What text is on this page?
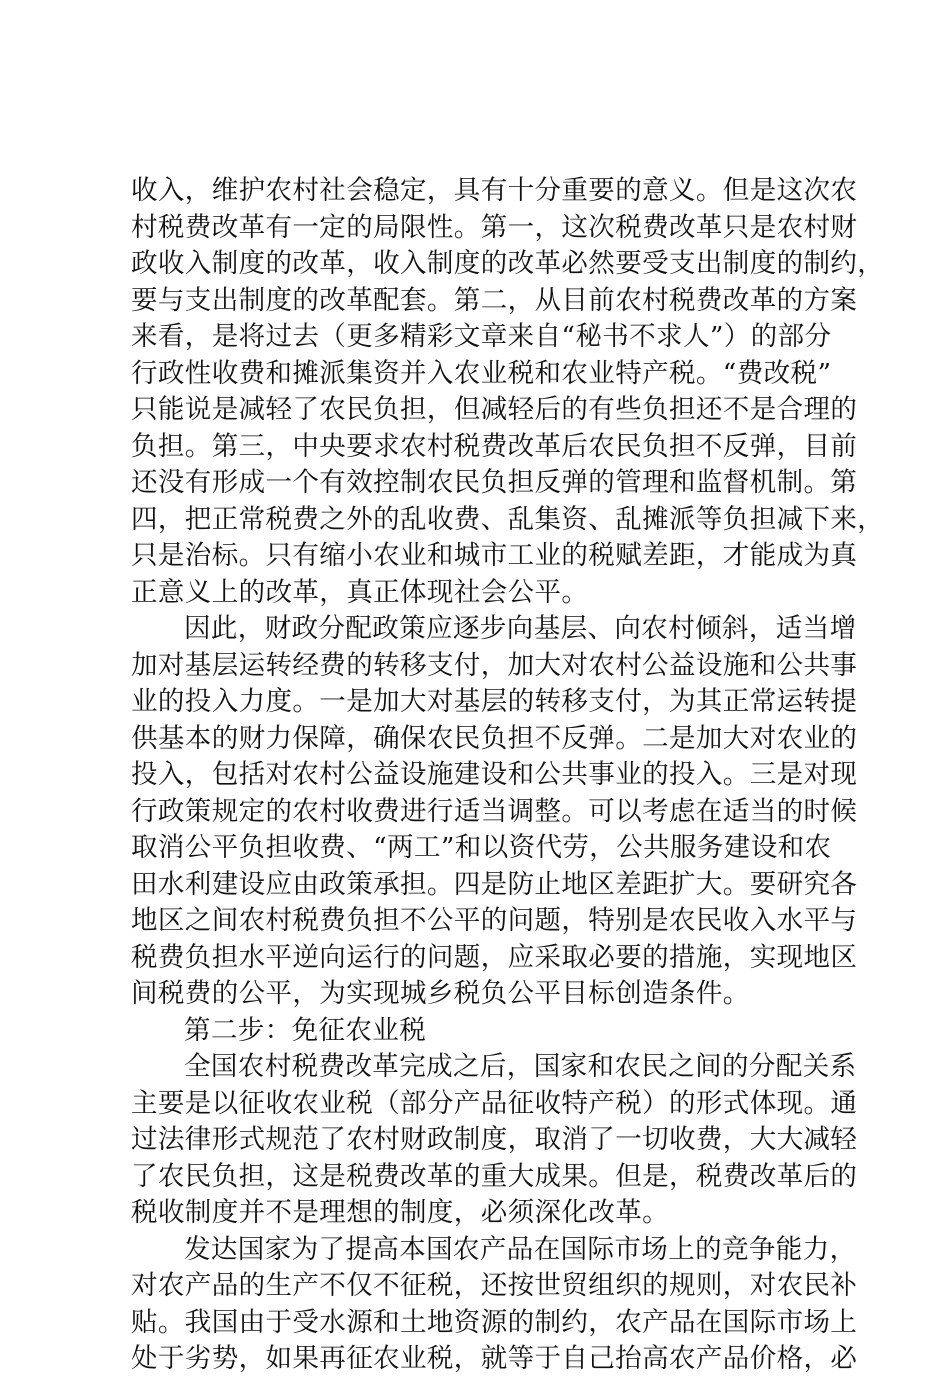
收入，维护农村社会稳定，具有十分重要的意义。但是这次农
村税费改革有一定的局限性。第一，这次税费改革只是农村财
政收入制度的改革，收入制度的改革必然要受支出制度的制约，
要与支出制度的改革配套。第二，从目前农村税费改革的方案
来看，是将过去（更多精彩文章来自“秘书不求人”）的部分
行政性收费和摊派集资并入农业税和农业特产税。“费改税”
只能说是减轻了农民负担，但减轻后的有些负担还不是合理的
负担。第三，中央要求农村税费改革后农民负担不反弹，目前
还没有形成一个有效控制农民负担反弹的管理和监督机制。第
四，把正常税费之外的乱收费、乱集资、乱摊派等负担减下来，
只是治标。只有缩小农业和城市工业的税赋差距，才能成为真
正意义上的改革，真正体现社会公平。
因此，财政分配政策应逐步向基层、向农村倾斜，适当增
加对基层运转经费的转移支付，加大对农村公益设施和公共事
业的投入力度。一是加大对基层的转移支付，为其正常运转提
供基本的财力保障，确保农民负担不反弹。二是加大对农业的
投入，包括对农村公益设施建设和公共事业的投入。三是对现
行政策规定的农村收费进行适当调整。可以考虑在适当的时候
取消公平负担收费、“两工”和以资代劳，公共服务建设和农
田水利建设应由政策承担。四是防止地区差距扩大。要研究各
地区之间农村税费负担不公平的问题，特别是农民收入水平与
税费负担水平逆向运行的问题，应采取必要的措施，实现地区
间税费的公平，为实现城乡税负公平目标创造条件。
第二步：免征农业税
全国农村税费改革完成之后，国家和农民之间的分配关系
主要是以征收农业税（部分产品征收特产税）的形式体现。通
过法律形式规范了农村财政制度，取消了一切收费，大大减轻
了农民负担，这是税费改革的重大成果。但是，税费改革后的
税收制度并不是理想的制度，必须深化改革。
发达国家为了提高本国农产品在国际市场上的竞争能力，
对农产品的生产不仅不征税，还按世贸组织的规则，对农民补
贴。我国由于受水源和土地资源的制约，农产品在国际市场上
处于劣势，如果再征农业税，就等于自己抬高农产品价格，必
